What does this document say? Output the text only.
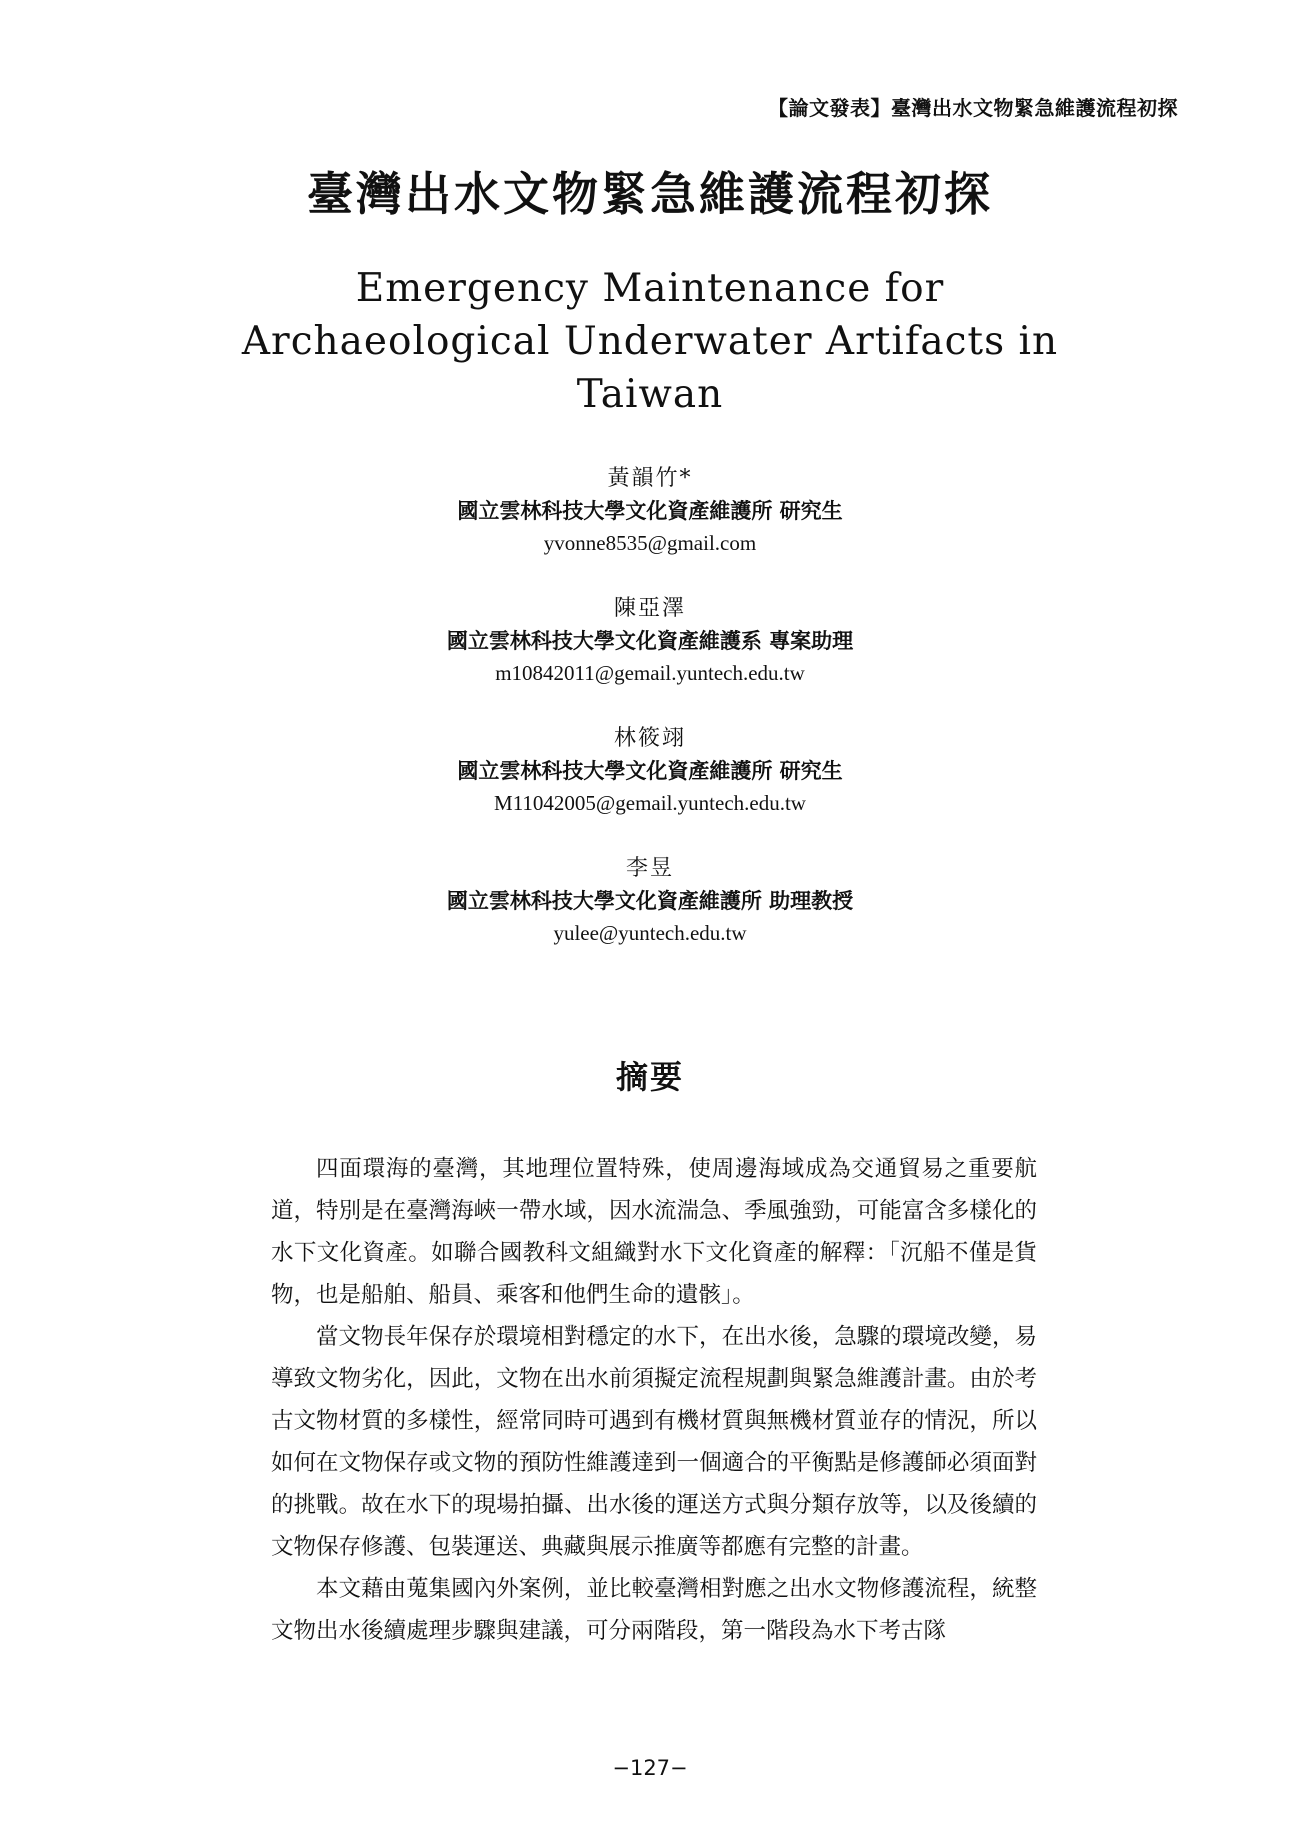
【論文發表】臺灣出水文物緊急維護流程初探
臺灣出水文物緊急維護流程初探
Emergency Maintenance for Archaeological Underwater Artifacts in Taiwan
黃韻竹*
國立雲林科技大學文化資產維護所 研究生
yvonne8535@gmail.com
陳亞澤
國立雲林科技大學文化資產維護系 專案助理
m10842011@gemail.yuntech.edu.tw
林筱翊
國立雲林科技大學文化資產維護所 研究生
M11042005@gemail.yuntech.edu.tw
李昱
國立雲林科技大學文化資產維護所 助理教授
yulee@yuntech.edu.tw
摘要

四面環海的臺灣，其地理位置特殊，使周邊海域成為交通貿易之重要航道，特別是在臺灣海峽一帶水域，因水流湍急、季風強勁，可能富含多樣化的水下文化資產。如聯合國教科文組織對水下文化資產的解釋：「沉船不僅是貨物，也是船舶、船員、乘客和他們生命的遺骸」。

當文物長年保存於環境相對穩定的水下，在出水後，急驟的環境改變，易導致文物劣化，因此，文物在出水前須擬定流程規劃與緊急維護計畫。由於考古文物材質的多樣性，經常同時可遇到有機材質與無機材質並存的情況，所以如何在文物保存或文物的預防性維護達到一個適合的平衡點是修護師必須面對的挑戰。故在水下的現場拍攝、出水後的運送方式與分類存放等，以及後續的文物保存修護、包裝運送、典藏與展示推廣等都應有完整的計畫。

本文藉由蒐集國內外案例，並比較臺灣相對應之出水文物修護流程，統整文物出水後續處理步驟與建議，可分兩階段，第一階段為水下考古隊

−127−
